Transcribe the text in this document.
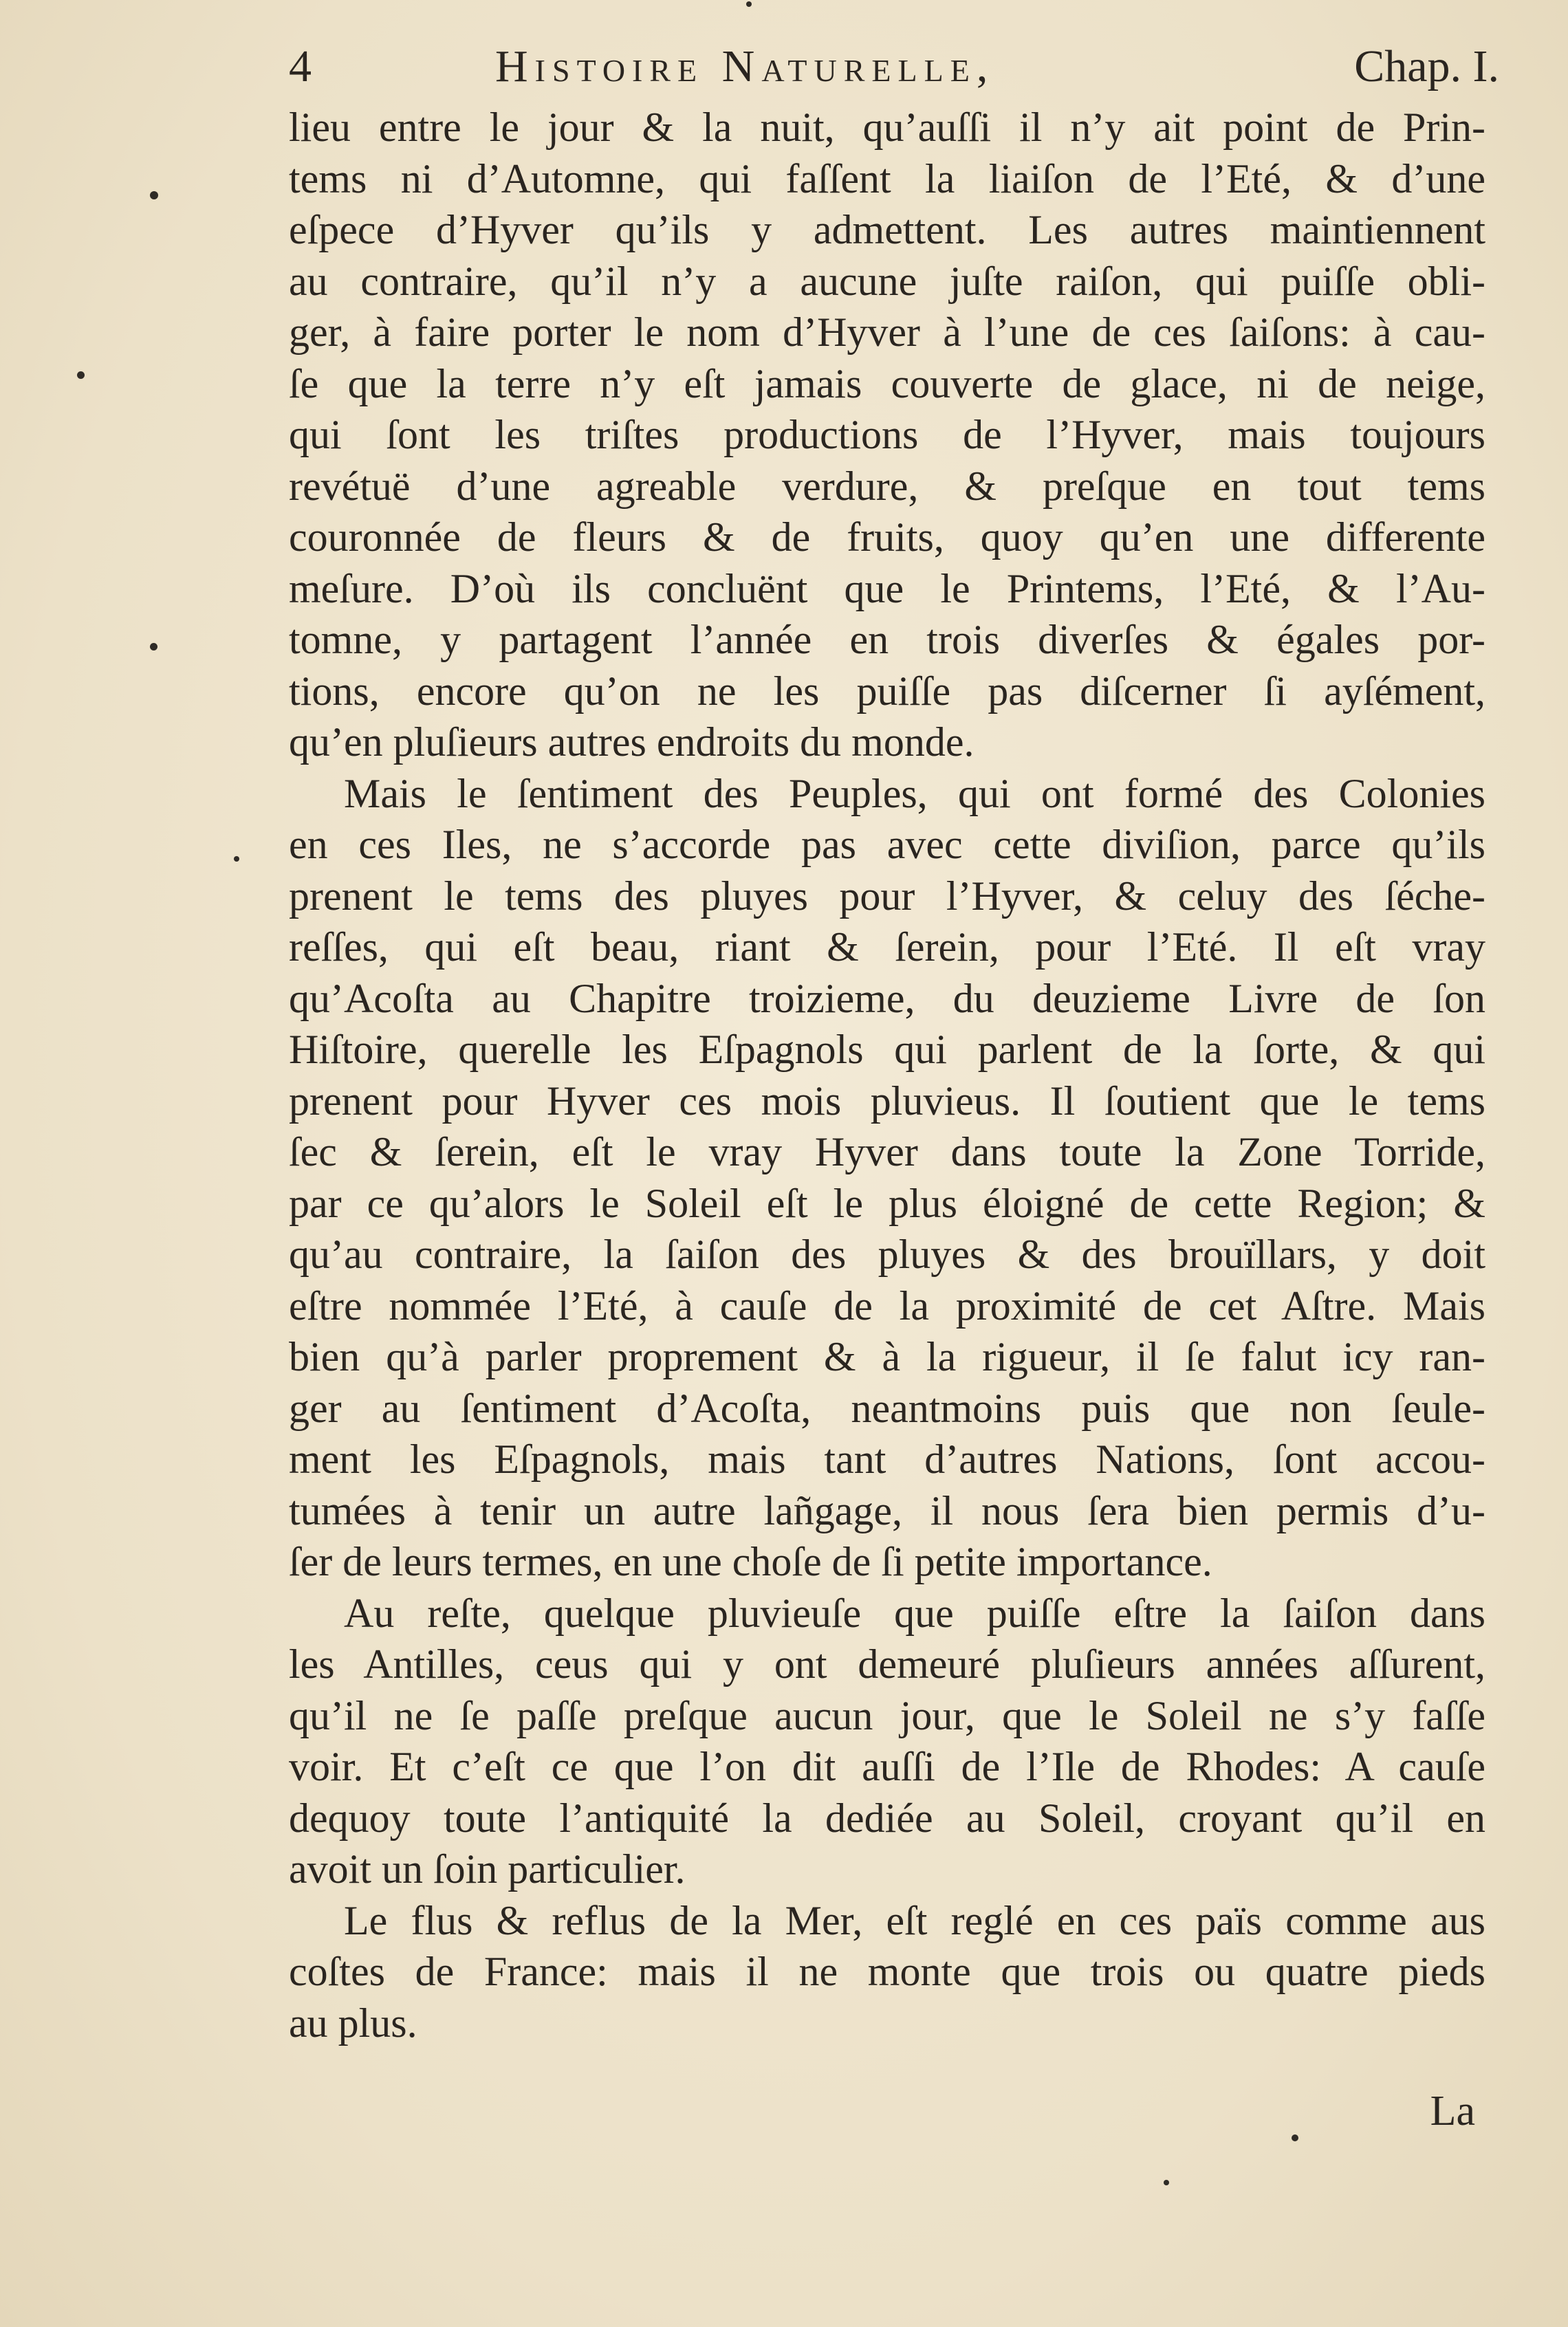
4	Histoire Naturelle,	Chap. I.
lieu entre le jour & la nuit, qu’auſſi il n’y ait point de Prin-
tems ni d’Automne, qui faſſent la liaiſon de l’Eté, & d’une
eſpece d’Hyver qu’ils y admettent. Les autres maintiennent
au contraire, qu’il n’y a aucune juſte raiſon, qui puiſſe obli-
ger, à faire porter le nom d’Hyver à l’une de ces ſaiſons: à cau-
ſe que la terre n’y eſt jamais couverte de glace, ni de neige,
qui ſont les triſtes productions de l’Hyver, mais toujours
revétuë d’une agreable verdure, & preſque en tout tems
couronnée de fleurs & de fruits, quoy qu’en une differente
meſure. D’où ils concluënt que le Printems, l’Eté, & l’Au-
tomne, y partagent l’année en trois diverſes & égales por-
tions, encore qu’on ne les puiſſe pas diſcerner ſi ayſément,
qu’en pluſieurs autres endroits du monde.
Mais le ſentiment des Peuples, qui ont formé des Colonies
en ces Iles, ne s’accorde pas avec cette diviſion, parce qu’ils
prenent le tems des pluyes pour l’Hyver, & celuy des ſéche-
reſſes, qui eſt beau, riant & ſerein, pour l’Eté. Il eſt vray
qu’Acoſta au Chapitre troizieme, du deuzieme Livre de ſon
Hiſtoire, querelle les Eſpagnols qui parlent de la ſorte, & qui
prenent pour Hyver ces mois pluvieus. Il ſoutient que le tems
ſec & ſerein, eſt le vray Hyver dans toute la Zone Torride,
par ce qu’alors le Soleil eſt le plus éloigné de cette Region; &
qu’au contraire, la ſaiſon des pluyes & des brouïllars, y doit
eſtre nommée l’Eté, à cauſe de la proximité de cet Aſtre. Mais
bien qu’à parler proprement & à la rigueur, il ſe falut icy ran-
ger au ſentiment d’Acoſta, neantmoins puis que non ſeule-
ment les Eſpagnols, mais tant d’autres Nations, ſont accou-
tumées à tenir un autre lañgage, il nous ſera bien permis d’u-
ſer de leurs termes, en une choſe de ſi petite importance.
Au reſte, quelque pluvieuſe que puiſſe eſtre la ſaiſon dans
les Antilles, ceus qui y ont demeuré pluſieurs années aſſurent,
qu’il ne ſe paſſe preſque aucun jour, que le Soleil ne s’y faſſe
voir. Et c’eſt ce que l’on dit auſſi de l’Ile de Rhodes: A cauſe
dequoy toute l’antiquité la dediée au Soleil, croyant qu’il en
avoit un ſoin particulier.
Le flus & reflus de la Mer, eſt reglé en ces païs comme aus
coſtes de France: mais il ne monte que trois ou quatre pieds
au plus.
La
